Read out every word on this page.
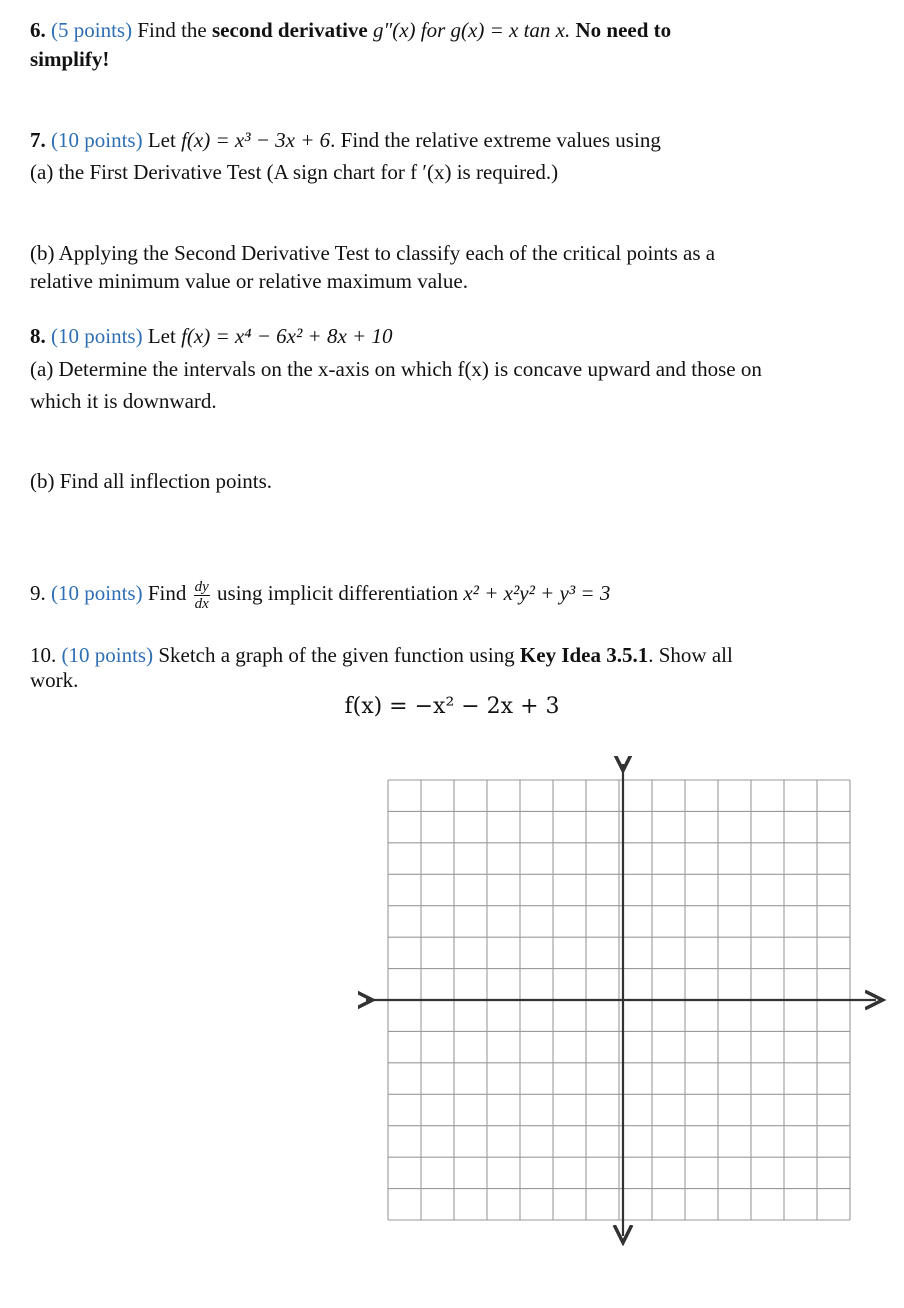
6. (5 points) Find the second derivative g″(x) for g(x) = x tan x. No need to
simplify!
7. (10 points) Let f(x) = x³ − 3x + 6. Find the relative extreme values using
(a) the First Derivative Test (A sign chart for f ′(x) is required.)
(b) Applying the Second Derivative Test to classify each of the critical points as a
relative minimum value or relative maximum value.
8. (10 points) Let f(x) = x⁴ − 6x² + 8x + 10
(a) Determine the intervals on the x-axis on which f(x) is concave upward and those on
which it is downward.
(b) Find all inflection points.
9. (10 points) Find $\frac{dy}{dx}$ using implicit differentiation x² + x²y² + y³ = 3
10. (10 points) Sketch a graph of the given function using Key Idea 3.5.1. Show all
work.
f(x) = −x² − 2x + 3
